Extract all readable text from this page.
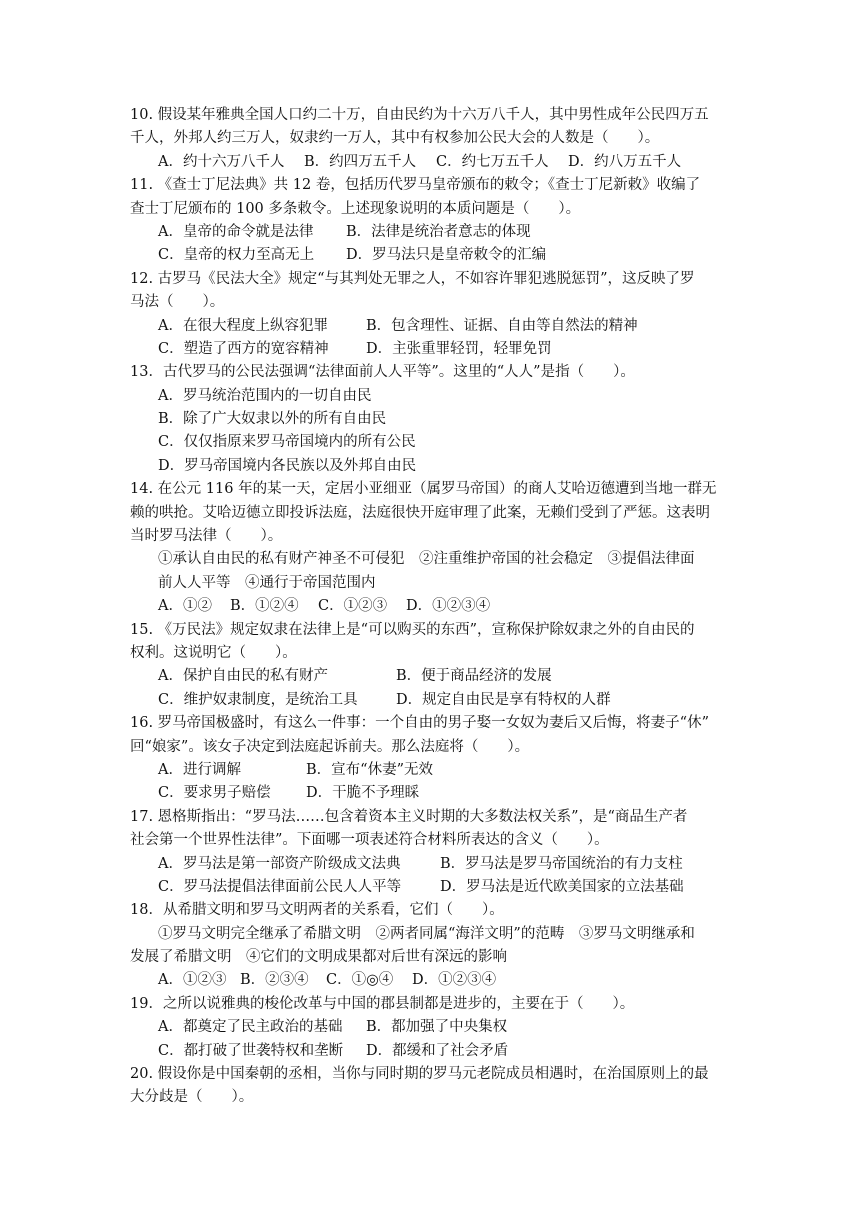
10. 假设某年雅典全国人口约二十万，自由民约为十六万八千人，其中男性成年公民四万五
千人，外邦人约三万人，奴隶约一万人，其中有权参加公民大会的人数是（　　）。
A．约十六万八千人 B．约四万五千人 C．约七万五千人 D．约八万五千人
11. 《查士丁尼法典》共 12 卷，包括历代罗马皇帝颁布的敕令；《查士丁尼新敕》收编了
查士丁尼颁布的 100 多条敕令。上述现象说明的本质问题是（　　）。
A．皇帝的命令就是法律 B．法律是统治者意志的体现
C．皇帝的权力至高无上 D．罗马法只是皇帝敕令的汇编
12. 古罗马《民法大全》规定“与其判处无罪之人，不如容许罪犯逃脱惩罚”，这反映了罗
马法（　　）。
A．在很大程度上纵容犯罪	B．包含理性、证据、自由等自然法的精神
C．塑造了西方的宽容精神	D．主张重罪轻罚，轻罪免罚
13．古代罗马的公民法强调“法律面前人人平等”。这里的“人人”是指（　　）。
A．罗马统治范围内的一切自由民
B．除了广大奴隶以外的所有自由民
C．仅仅指原来罗马帝国境内的所有公民
D．罗马帝国境内各民族以及外邦自由民
14. 在公元 116 年的某一天，定居小亚细亚（属罗马帝国）的商人艾哈迈德遭到当地一群无
赖的哄抢。艾哈迈德立即投诉法庭，法庭很快开庭审理了此案，无赖们受到了严惩。这表明
当时罗马法律（　　）。
①承认自由民的私有财产神圣不可侵犯　②注重维护帝国的社会稳定　③提倡法律面
前人人平等　④通行于帝国范围内
A．①② B．①②④ C．①②③ D．①②③④
15. 《万民法》规定奴隶在法律上是“可以购买的东西”，宣称保护除奴隶之外的自由民的
权利。这说明它（　　）。
A．保护自由民的私有财产	B．便于商品经济的发展
C．维护奴隶制度，是统治工具	D．规定自由民是享有特权的人群
16. 罗马帝国极盛时，有这么一件事：一个自由的男子娶一女奴为妻后又后悔，将妻子“休”
回“娘家”。该女子决定到法庭起诉前夫。那么法庭将（　　）。
A．进行调解	B．宣布“休妻”无效
C．要求男子赔偿 D．干脆不予理睬
17. 恩格斯指出：“罗马法……包含着资本主义时期的大多数法权关系”，是“商品生产者
社会第一个世界性法律”。下面哪一项表述符合材料所表达的含义（　　）。
A．罗马法是第一部资产阶级成文法典	B．罗马法是罗马帝国统治的有力支柱
C．罗马法提倡法律面前公民人人平等	D．罗马法是近代欧美国家的立法基础
18．从希腊文明和罗马文明两者的关系看，它们（　　）。
①罗马文明完全继承了希腊文明　②两者同属“海洋文明”的范畴　③罗马文明继承和
发展了希腊文明　④它们的文明成果都对后世有深远的影响
A．①②③ B．②③④ C．①◎④ D．①②③④
19．之所以说雅典的梭伦改革与中国的郡县制都是进步的，主要在于（　　）。
A．都奠定了民主政治的基础 B．都加强了中央集权
C．都打破了世袭特权和垄断 D．都缓和了社会矛盾
20. 假设你是中国秦朝的丞相，当你与同时期的罗马元老院成员相遇时，在治国原则上的最
大分歧是（　　）。
